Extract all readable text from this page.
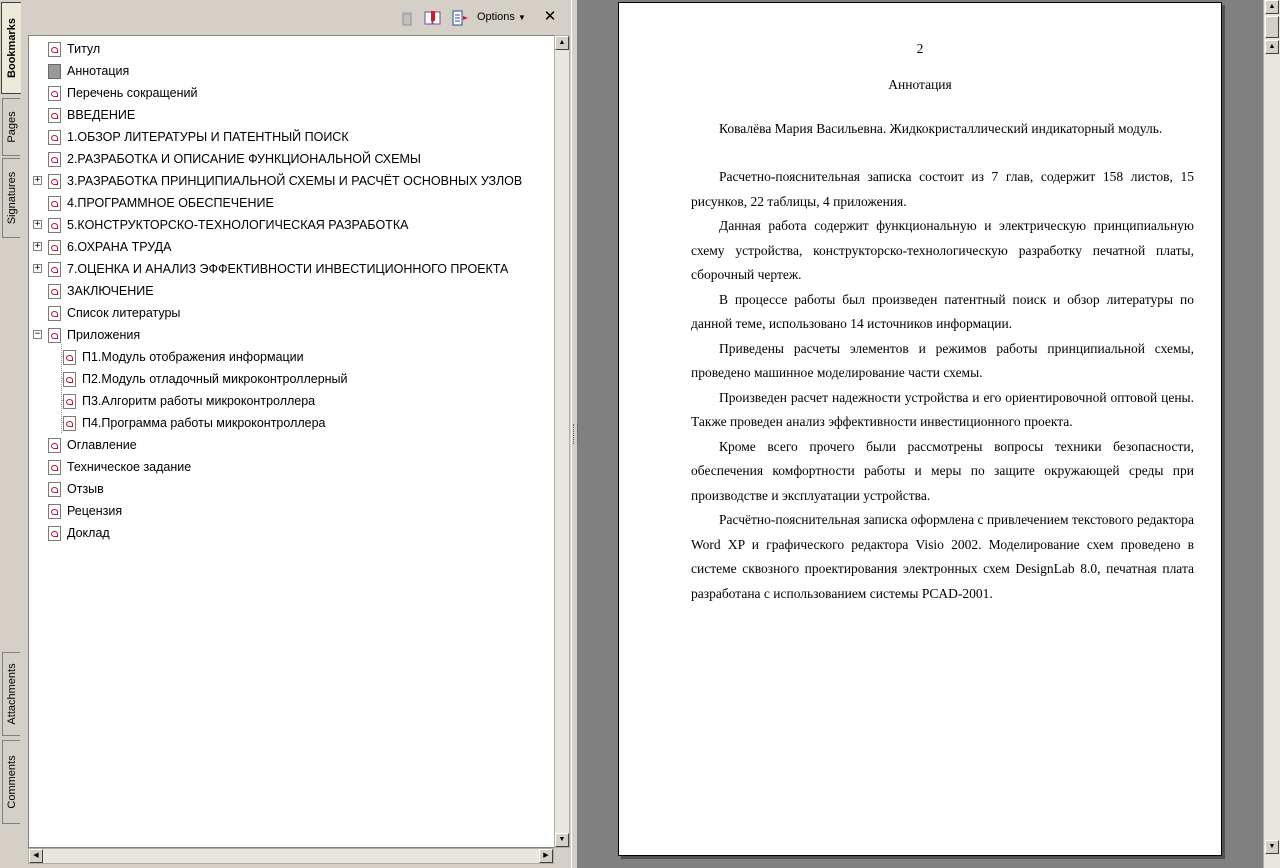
Bookmarks
Pages
Signatures
Attachments
Comments
Options ▼ ✕
Титул
Аннотация
Перечень сокращений
ВВЕДЕНИЕ
1.ОБЗОР ЛИТЕРАТУРЫ И ПАТЕНТНЫЙ ПОИСК
2.РАЗРАБОТКА И ОПИСАНИЕ ФУНКЦИОНАЛЬНОЙ СХЕМЫ
+ 3.РАЗРАБОТКА ПРИНЦИПИАЛЬНОЙ СХЕМЫ И РАСЧЁТ ОСНОВНЫХ УЗЛОВ
4.ПРОГРАММНОЕ ОБЕСПЕЧЕНИЕ
+ 5.КОНСТРУКТОРСКО-ТЕХНОЛОГИЧЕСКАЯ РАЗРАБОТКА
+ 6.ОХРАНА ТРУДА
+ 7.ОЦЕНКА И АНАЛИЗ ЭФФЕКТИВНОСТИ ИНВЕСТИЦИОННОГО ПРОЕКТА
ЗАКЛЮЧЕНИЕ
Список литературы
− Приложения
П1.Модуль отображения информации
П2.Модуль отладочный микроконтроллерный
П3.Алгоритм работы микроконтроллера
П4.Программа работы микроконтроллера
Оглавление
Техническое задание
Отзыв
Рецензия
Доклад
▲
▼
◀	▶
2
Аннотация
Ковалёва Мария Васильевна. Жидкокристаллический индикаторный модуль.

Расчетно-пояснительная записка состоит из 7 глав, содержит 158 листов, 15 рисунков, 22 таблицы, 4 приложения.

Данная работа содержит функциональную и электрическую принципиальную схему устройства, конструкторско-технологическую разработку печатной платы, сборочный чертеж.

В процессе работы был произведен патентный поиск и обзор литературы по данной теме, использовано 14 источников информации.

Приведены расчеты элементов и режимов работы принципиальной схемы, проведено машинное моделирование части схемы.

Произведен расчет надежности устройства и его ориентировочной оптовой цены. Также проведен анализ эффективности инвестиционного проекта.

Кроме всего прочего были рассмотрены вопросы техники безопасности, обеспечения комфортности работы и меры по защите окружающей среды при производстве и эксплуатации устройства.

Расчётно-пояснительная записка оформлена с привлечением текстового редактора Word XP и графического редактора Visio 2002. Моделирование схем проведено в системе сквозного проектирования электронных схем DesignLab 8.0, печатная плата разработана с использованием системы PCAD-2001.

▲
▲
▼
